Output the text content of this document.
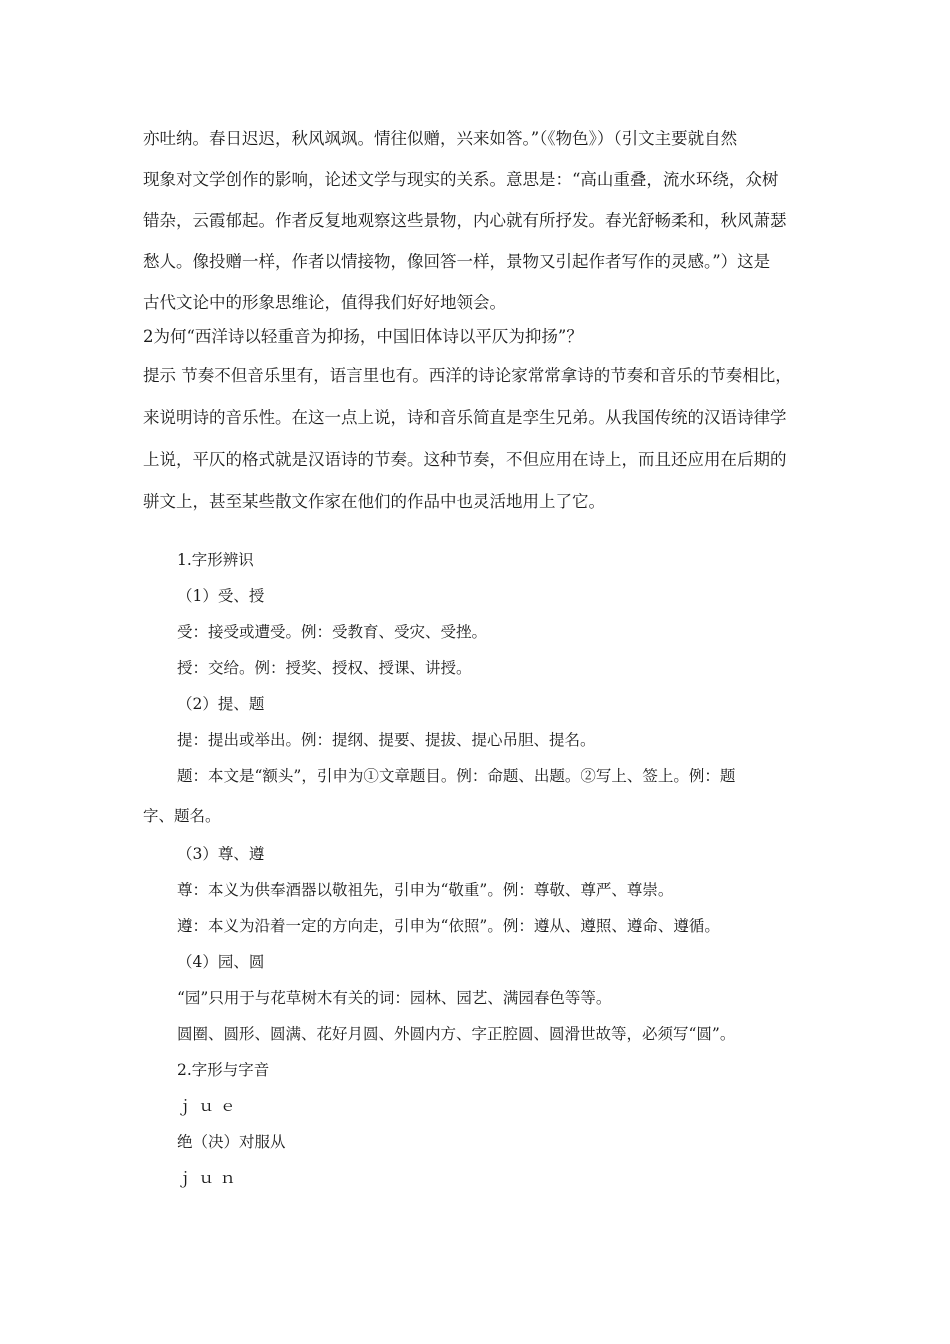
亦吐纳。春日迟迟，秋风飒飒。情往似赠，兴来如答。”（《物色》）（引文主要就自然
现象对文学创作的影响，论述文学与现实的关系。意思是：“高山重叠，流水环绕，众树
错杂，云霞郁起。作者反复地观察这些景物，内心就有所抒发。春光舒畅柔和，秋风萧瑟
愁人。像投赠一样，作者以情接物，像回答一样，景物又引起作者写作的灵感。”）这是
古代文论中的形象思维论，值得我们好好地领会。
2为何“西洋诗以轻重音为抑扬，中国旧体诗以平仄为抑扬”？
提示 节奏不但音乐里有，语言里也有。西洋的诗论家常常拿诗的节奏和音乐的节奏相比，
来说明诗的音乐性。在这一点上说，诗和音乐简直是孪生兄弟。从我国传统的汉语诗律学
上说，平仄的格式就是汉语诗的节奏。这种节奏，不但应用在诗上，而且还应用在后期的
骈文上，甚至某些散文作家在他们的作品中也灵活地用上了它。
1.字形辨识
（1）受、授
受：接受或遭受。例：受教育、受灾、受挫。
授：交给。例：授奖、授权、授课、讲授。
（2）提、题
提：提出或举出。例：提纲、提要、提拔、提心吊胆、提名。
题：本文是“额头”，引申为①文章题目。例：命题、出题。②写上、签上。例：题
字、题名。
（3）尊、遵
尊：本义为供奉酒器以敬祖先，引申为“敬重”。例：尊敬、尊严、尊崇。
遵：本义为沿着一定的方向走，引申为“依照”。例：遵从、遵照、遵命、遵循。
（4）园、圆
“园”只用于与花草树木有关的词：园林、园艺、满园春色等等。
圆圈、圆形、圆满、花好月圆、外圆内方、字正腔圆、圆滑世故等，必须写“圆”。
2.字形与字音
ｊｕｅ
绝（决）对服从
ｊｕｎ
